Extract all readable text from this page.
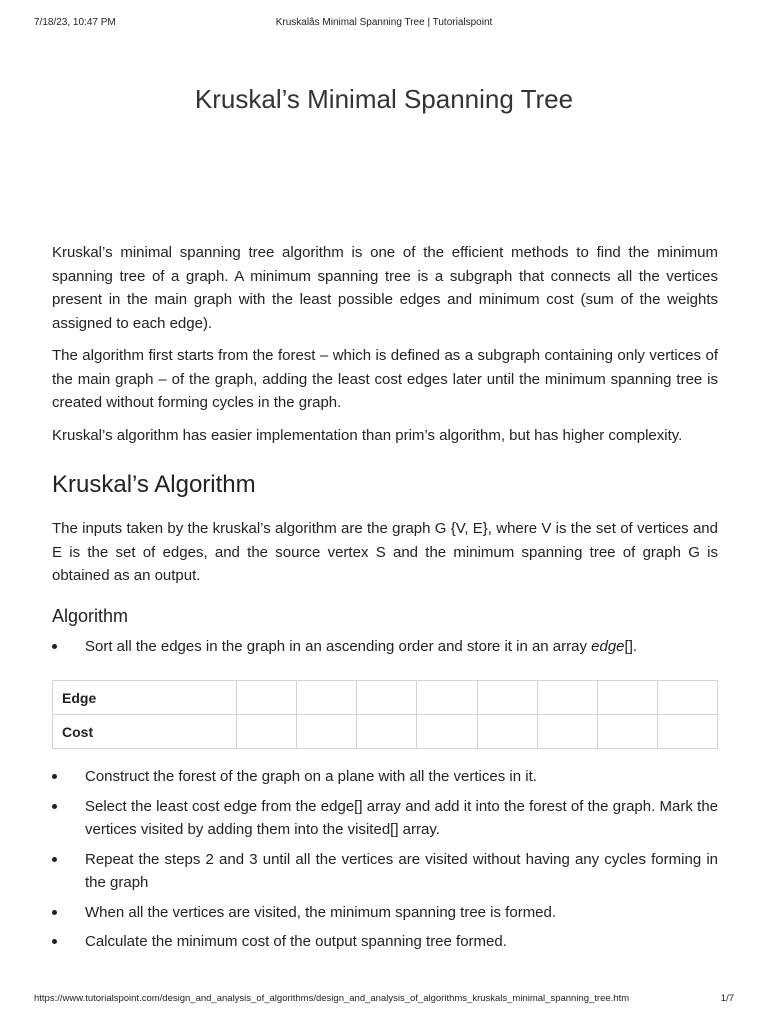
7/18/23, 10:47 PM	Kruskalâs Minimal Spanning Tree | Tutorialspoint
Kruskal’s Minimal Spanning Tree

Kruskal’s minimal spanning tree algorithm is one of the efficient methods to find the minimum spanning tree of a graph. A minimum spanning tree is a subgraph that connects all the vertices present in the main graph with the least possible edges and minimum cost (sum of the weights assigned to each edge).

The algorithm first starts from the forest – which is defined as a subgraph containing only vertices of the main graph – of the graph, adding the least cost edges later until the minimum spanning tree is created without forming cycles in the graph.

Kruskal’s algorithm has easier implementation than prim’s algorithm, but has higher complexity.

Kruskal’s Algorithm

The inputs taken by the kruskal’s algorithm are the graph G {V, E}, where V is the set of vertices and E is the set of edges, and the source vertex S and the minimum spanning tree of graph G is obtained as an output.

Algorithm
Sort all the edges in the graph in an ascending order and store it in an array edge[].
Edge								
Cost								
Construct the forest of the graph on a plane with all the vertices in it.
Select the least cost edge from the edge[] array and add it into the forest of the graph. Mark the vertices visited by adding them into the visited[] array.
Repeat the steps 2 and 3 until all the vertices are visited without having any cycles forming in the graph
When all the vertices are visited, the minimum spanning tree is formed.
Calculate the minimum cost of the output spanning tree formed.
https://www.tutorialspoint.com/design_and_analysis_of_algorithms/design_and_analysis_of_algorithms_kruskals_minimal_spanning_tree.htm	1/7
